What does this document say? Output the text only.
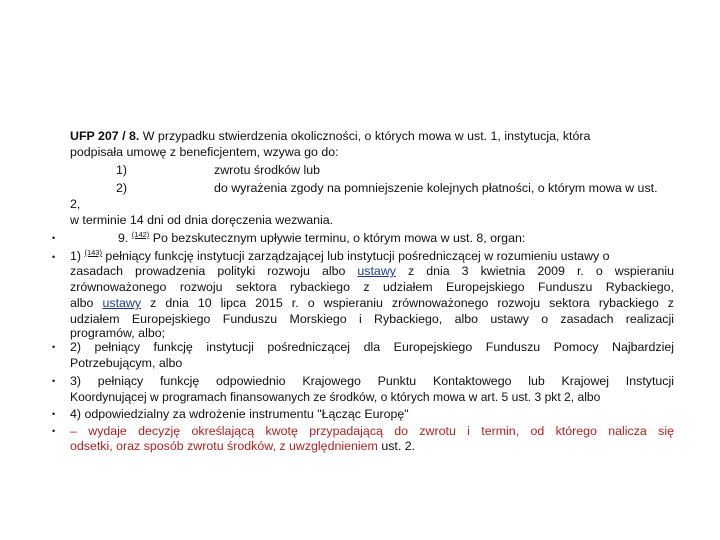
UFP 207 / 8. W przypadku stwierdzenia okoliczności, o których mowa w ust. 1, instytucja, która
podpisała umowę z beneficjentem, wzywa go do:
1)	zwrotu środków lub
2)	do wyrażenia zgody na pomniejszenie kolejnych płatności, o którym mowa w ust.
2,
w terminie 14 dni od dnia doręczenia wezwania.
•
•
•
•
•
•
9. $^{(142)}$ Po bezskutecznym upływie terminu, o którym mowa w ust. 8, organ:
1) $^{(143)}$ pełniący funkcję instytucji zarządzającej lub instytucji pośredniczącej w rozumieniu ustawy o
zasadach prowadzenia polityki rozwoju albo ustawy z dnia 3 kwietnia 2009 r. o wspieraniu
zrównoważonego rozwoju sektora rybackiego z udziałem Europejskiego Funduszu Rybackiego,
albo ustawy z dnia 10 lipca 2015 r. o wspieraniu zrównoważonego rozwoju sektora rybackiego z
udziałem Europejskiego Funduszu Morskiego i Rybackiego, albo ustawy o zasadach realizacji
programów, albo;
2) pełniący funkcję instytucji pośredniczącej dla Europejskiego Funduszu Pomocy Najbardziej
Potrzebującym, albo
3) pełniący funkcję odpowiednio Krajowego Punktu Kontaktowego lub Krajowej Instytucji
Koordynującej w programach finansowanych ze środków, o których mowa w art. 5 ust. 3 pkt 2, albo
4) odpowiedzialny za wdrożenie instrumentu "Łącząc Europę"
– wydaje decyzję określającą kwotę przypadającą do zwrotu i termin, od którego nalicza się
odsetki, oraz sposób zwrotu środków, z uwzględnieniem ust. 2.
